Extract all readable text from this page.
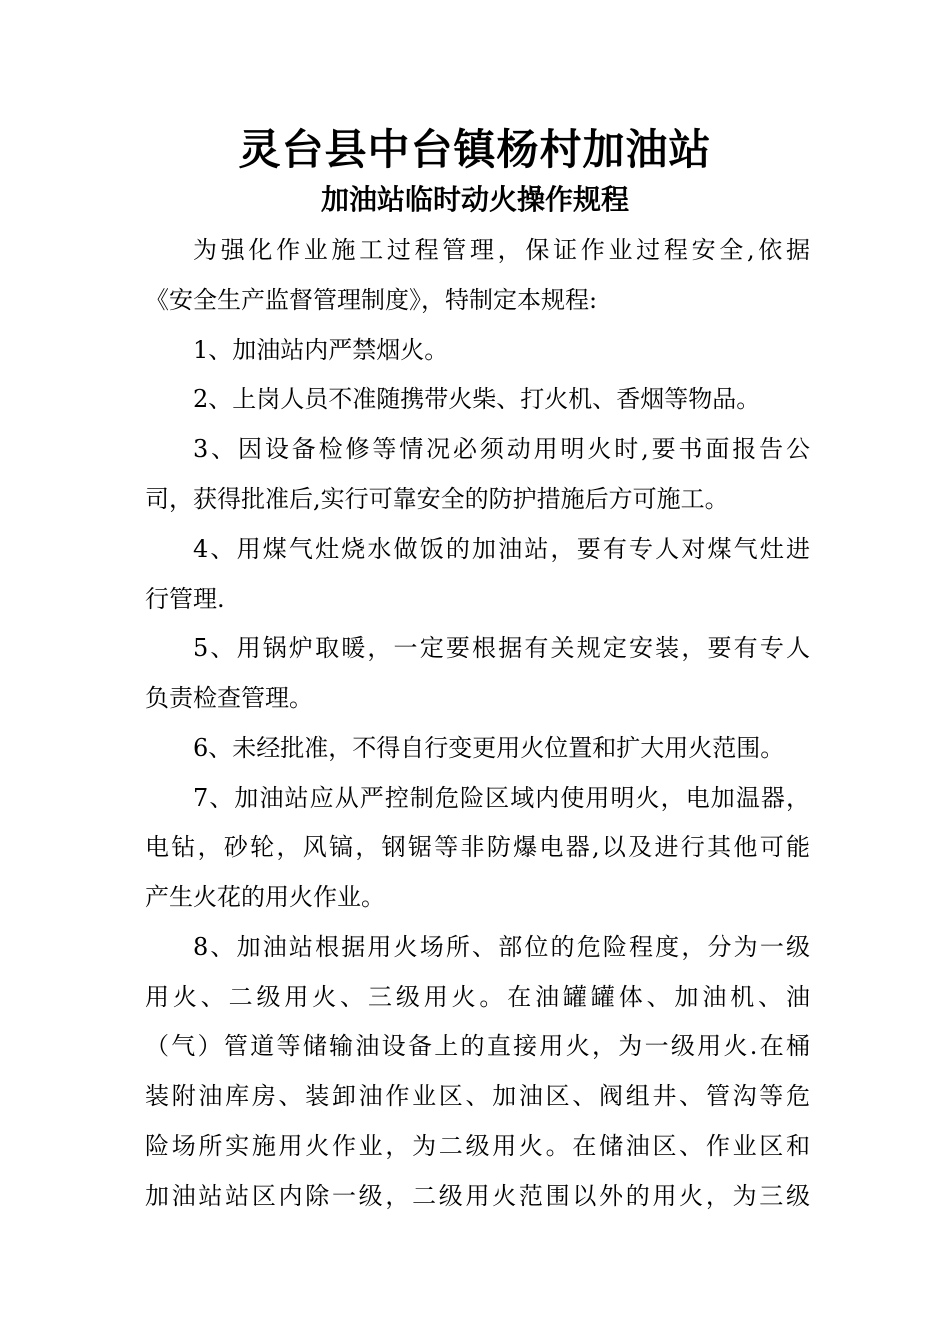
灵台县中台镇杨村加油站
加油站临时动火操作规程

为强化作业施工过程管理，保证作业过程安全,依据

《安全生产监督管理制度》，特制定本规程:

1、加油站内严禁烟火。

2、上岗人员不准随携带火柴、打火机、香烟等物品。

3、因设备检修等情况必须动用明火时,要书面报告公

司，获得批准后,实行可靠安全的防护措施后方可施工。

4、用煤气灶烧水做饭的加油站，要有专人对煤气灶进

行管理.

5、用锅炉取暖，一定要根据有关规定安装，要有专人

负责检查管理。

6、未经批准，不得自行变更用火位置和扩大用火范围。

7、加油站应从严控制危险区域内使用明火，电加温器，

电钻，砂轮，风镐，钢锯等非防爆电器,以及进行其他可能

产生火花的用火作业。

8、加油站根据用火场所、部位的危险程度，分为一级

用火、二级用火、三级用火。在油罐罐体、加油机、油

（气）管道等储输油设备上的直接用火，为一级用火.在桶

装附油库房、装卸油作业区、加油区、阀组井、管沟等危

险场所实施用火作业，为二级用火。在储油区、作业区和

加油站站区内除一级，二级用火范围以外的用火，为三级
